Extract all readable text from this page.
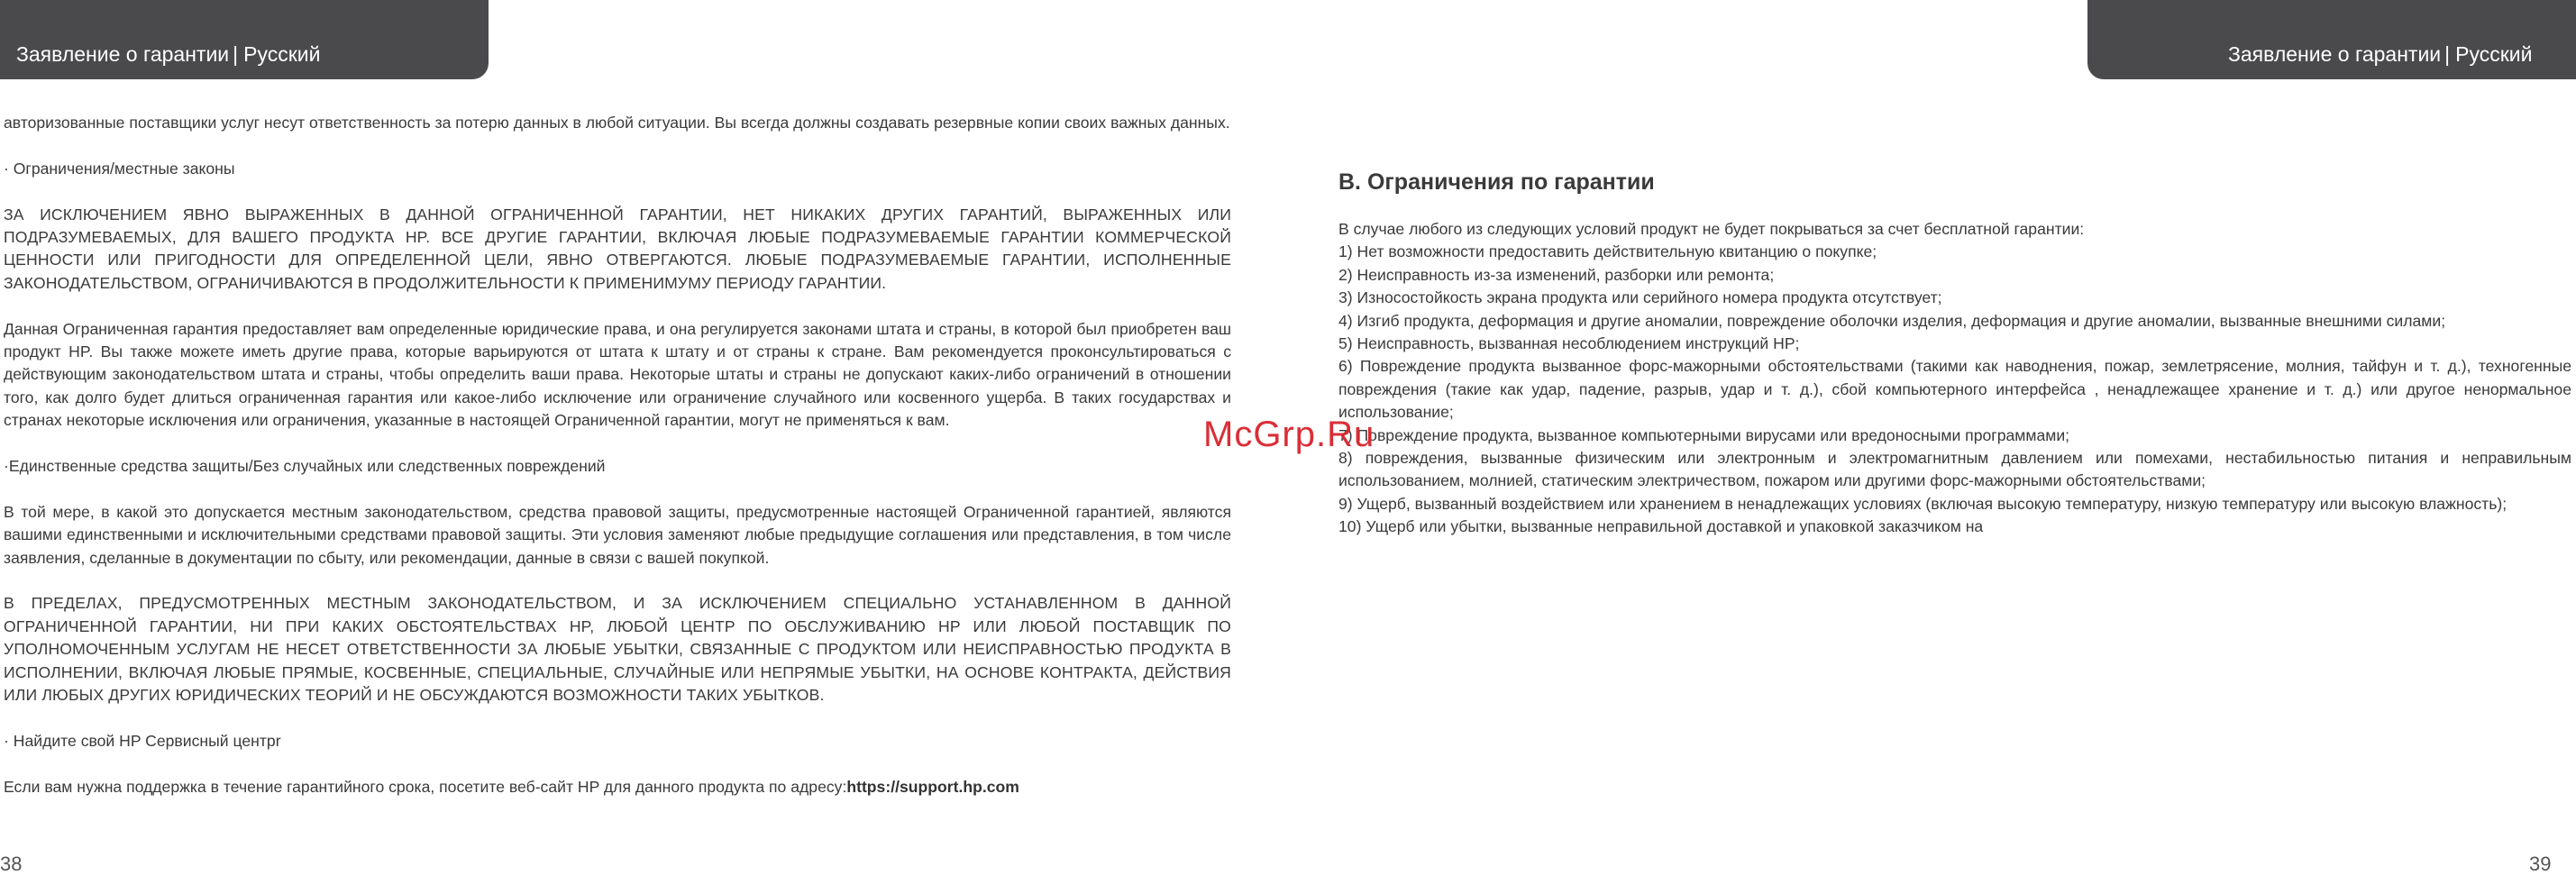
Заявление о гарантии | Русский	Заявление о гарантии | Русский

авторизованные поставщики услуг несут ответственность за потерю данных в любой ситуации. Вы всегда должны создавать резервные копии своих важных данных.

· Ограничения/местные законы

ЗА ИСКЛЮЧЕНИЕМ ЯВНО ВЫРАЖЕННЫХ В ДАННОЙ ОГРАНИЧЕННОЙ ГАРАНТИИ, НЕТ НИКАКИХ ДРУГИХ ГАРАНТИЙ, ВЫРАЖЕННЫХ ИЛИ ПОДРАЗУМЕВАЕМЫХ, ДЛЯ ВАШЕГО ПРОДУКТА HP. ВСЕ ДРУГИЕ ГАРАНТИИ, ВКЛЮЧАЯ ЛЮБЫЕ ПОДРАЗУМЕВАЕМЫЕ ГАРАНТИИ КОММЕРЧЕСКОЙ ЦЕННОСТИ ИЛИ ПРИГОДНОСТИ ДЛЯ ОПРЕДЕЛЕННОЙ ЦЕЛИ, ЯВНО ОТВЕРГАЮТСЯ. ЛЮБЫЕ ПОДРАЗУМЕВАЕМЫЕ ГАРАНТИИ, ИСПОЛНЕННЫЕ ЗАКОНОДАТЕЛЬСТВОМ, ОГРАНИЧИВАЮТСЯ В ПРОДОЛЖИТЕЛЬНОСТИ К ПРИМЕНИМУМУ ПЕРИОДУ ГАРАНТИИ.

Данная Ограниченная гарантия предоставляет вам определенные юридические права, и она регулируется законами штата и страны, в которой был приобретен ваш продукт HP. Вы также можете иметь другие права, которые варьируются от штата к штату и от страны к стране. Вам рекомендуется проконсультироваться с действующим законодательством штата и страны, чтобы определить ваши права. Некоторые штаты и страны не допускают каких-либо ограничений в отношении того, как долго будет длиться ограниченная гарантия или какое-либо исключение или ограничение случайного или косвенного ущерба. В таких государствах и странах некоторые исключения или ограничения, указанные в настоящей Ограниченной гарантии, могут не применяться к вам.

·Единственные средства защиты/Без случайных или следственных повреждений

В той мере, в какой это допускается местным законодательством, средства правовой защиты, предусмотренные настоящей Ограниченной гарантией, являются вашими единственными и исключительными средствами правовой защиты. Эти условия заменяют любые предыдущие соглашения или представления, в том числе заявления, сделанные в документации по сбыту, или рекомендации, данные в связи с вашей покупкой.

В ПРЕДЕЛАХ, ПРЕДУСМОТРЕННЫХ МЕСТНЫМ ЗАКОНОДАТЕЛЬСТВОМ, И ЗА ИСКЛЮЧЕНИЕМ СПЕЦИАЛЬНО УСТАНАВЛЕННОМ В ДАННОЙ ОГРАНИЧЕННОЙ ГАРАНТИИ, НИ ПРИ КАКИХ ОБСТОЯТЕЛЬСТВАХ HP, ЛЮБОЙ ЦЕНТР ПО ОБСЛУЖИВАНИЮ HP ИЛИ ЛЮБОЙ ПОСТАВЩИК ПО УПОЛНОМОЧЕННЫМ УСЛУГАМ НЕ НЕСЕТ ОТВЕТСТВЕННОСТИ ЗА ЛЮБЫЕ УБЫТКИ, СВЯЗАННЫЕ С ПРОДУКТОМ ИЛИ НЕИСПРАВНОСТЬЮ ПРОДУКТА В ИСПОЛНЕНИИ, ВКЛЮЧАЯ ЛЮБЫЕ ПРЯМЫЕ, КОСВЕННЫЕ, СПЕЦИАЛЬНЫЕ, СЛУЧАЙНЫЕ ИЛИ НЕПРЯМЫЕ УБЫТКИ, НА ОСНОВЕ КОНТРАКТА, ДЕЙСТВИЯ ИЛИ ЛЮБЫХ ДРУГИХ ЮРИДИЧЕСКИХ ТЕОРИЙ И НЕ ОБСУЖДАЮТСЯ ВОЗМОЖНОСТИ ТАКИХ УБЫТКОВ.

· Найдите свой HP Сервисный центрr

Если вам нужна поддержка в течение гарантийного срока, посетите веб-сайт HP для данного продукта по адресу:https://support.hp.com

B. Ограничения по гарантии

В случае любого из следующих условий продукт не будет покрываться за счет бесплатной гарантии:

1) Нет возможности предоставить действительную квитанцию о покупке;

2) Неисправность из-за изменений, разборки или ремонта;

3) Износостойкость экрана продукта или серийного номера продукта отсутствует;

4) Изгиб продукта, деформация и другие аномалии, повреждение оболочки изделия, деформация и другие аномалии, вызванные внешними силами;

5) Неисправность, вызванная несоблюдением инструкций HP;

6) Повреждение продукта вызванное форс-мажорными обстоятельствами (такими как наводнения, пожар, землетрясение, молния, тайфун и т. д.), техногенные повреждения (такие как удар, падение, разрыв, удар и т. д.), сбой компьютерного интерфейса , ненадлежащее хранение и т. д.) или другое ненормальное использование;

7) Повреждение продукта, вызванное компьютерными вирусами или вредоносными программами;

8) повреждения, вызванные физическим или электронным и электромагнитным давлением или помехами, нестабильностью питания и неправильным использованием, молнией, статическим электричеством, пожаром или другими форс-мажорными обстоятельствами;

9) Ущерб, вызванный воздействием или хранением в ненадлежащих условиях (включая высокую температуру, низкую температуру или высокую влажность);

10) Ущерб или убытки, вызванные неправильной доставкой и упаковкой заказчиком на

38	39
McGrp.Ru
